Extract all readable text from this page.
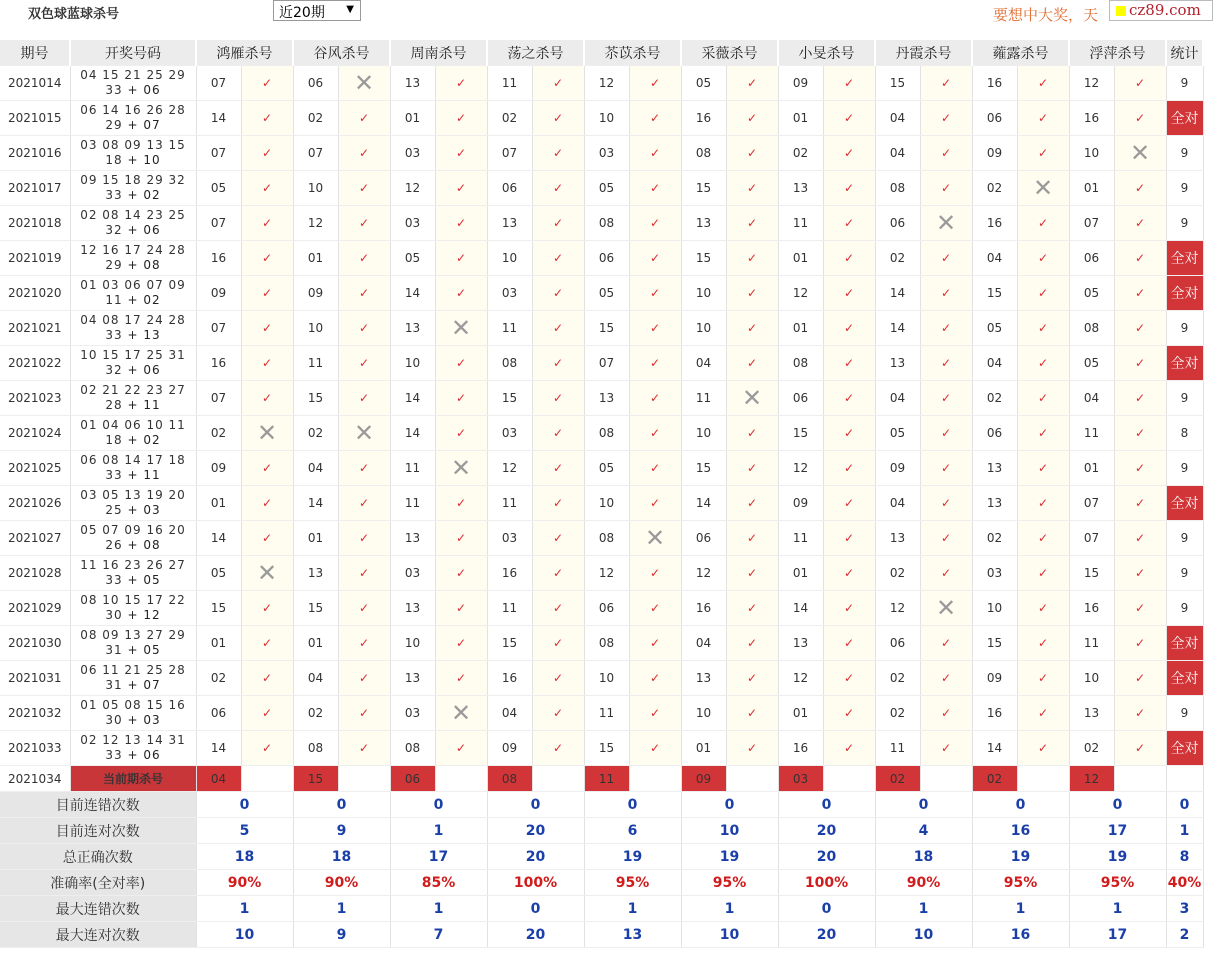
双色球蓝球杀号	近20期 ▼	要想中大奖，天 cz89.com
期号	开奖号码	鸿雁杀号		谷风杀号		周南杀号		荡之杀号		苶苡杀号		采薇杀号		小旻杀号		丹霞杀号		蕹露杀号		浮萍杀号		统计
2021014	04 15 21 25 29
33 + 06	07	✓	06	✕	13	✓	11	✓	12	✓	05	✓	09	✓	15	✓	16	✓	12	✓	9
2021015	06 14 16 26 28
29 + 07	14	✓	02	✓	01	✓	02	✓	10	✓	16	✓	01	✓	04	✓	06	✓	16	✓	全对
2021016	03 08 09 13 15
18 + 10	07	✓	07	✓	03	✓	07	✓	03	✓	08	✓	02	✓	04	✓	09	✓	10	✕	9
2021017	09 15 18 29 32
33 + 02	05	✓	10	✓	12	✓	06	✓	05	✓	15	✓	13	✓	08	✓	02	✕	01	✓	9
2021018	02 08 14 23 25
32 + 06	07	✓	12	✓	03	✓	13	✓	08	✓	13	✓	11	✓	06	✕	16	✓	07	✓	9
2021019	12 16 17 24 28
29 + 08	16	✓	01	✓	05	✓	10	✓	06	✓	15	✓	01	✓	02	✓	04	✓	06	✓	全对
2021020	01 03 06 07 09
11 + 02	09	✓	09	✓	14	✓	03	✓	05	✓	10	✓	12	✓	14	✓	15	✓	05	✓	全对
2021021	04 08 17 24 28
33 + 13	07	✓	10	✓	13	✕	11	✓	15	✓	10	✓	01	✓	14	✓	05	✓	08	✓	9
2021022	10 15 17 25 31
32 + 06	16	✓	11	✓	10	✓	08	✓	07	✓	04	✓	08	✓	13	✓	04	✓	05	✓	全对
2021023	02 21 22 23 27
28 + 11	07	✓	15	✓	14	✓	15	✓	13	✓	11	✕	06	✓	04	✓	02	✓	04	✓	9
2021024	01 04 06 10 11
18 + 02	02	✕	02	✕	14	✓	03	✓	08	✓	10	✓	15	✓	05	✓	06	✓	11	✓	8
2021025	06 08 14 17 18
33 + 11	09	✓	04	✓	11	✕	12	✓	05	✓	15	✓	12	✓	09	✓	13	✓	01	✓	9
2021026	03 05 13 19 20
25 + 03	01	✓	14	✓	11	✓	11	✓	10	✓	14	✓	09	✓	04	✓	13	✓	07	✓	全对
2021027	05 07 09 16 20
26 + 08	14	✓	01	✓	13	✓	03	✓	08	✕	06	✓	11	✓	13	✓	02	✓	07	✓	9
2021028	11 16 23 26 27
33 + 05	05	✕	13	✓	03	✓	16	✓	12	✓	12	✓	01	✓	02	✓	03	✓	15	✓	9
2021029	08 10 15 17 22
30 + 12	15	✓	15	✓	13	✓	11	✓	06	✓	16	✓	14	✓	12	✕	10	✓	16	✓	9
2021030	08 09 13 27 29
31 + 05	01	✓	01	✓	10	✓	15	✓	08	✓	04	✓	13	✓	06	✓	15	✓	11	✓	全对
2021031	06 11 21 25 28
31 + 07	02	✓	04	✓	13	✓	16	✓	10	✓	13	✓	12	✓	02	✓	09	✓	10	✓	全对
2021032	01 05 08 15 16
30 + 03	06	✓	02	✓	03	✕	04	✓	11	✓	10	✓	01	✓	02	✓	16	✓	13	✓	9
2021033	02 12 13 14 31
33 + 06	14	✓	08	✓	08	✓	09	✓	15	✓	01	✓	16	✓	11	✓	14	✓	02	✓	全对
2021034	当前期杀号	04		15		06		08		11		09		03		02		02		12		
目前连错次数		0		0		0		0		0		0		0		0		0		0		0
目前连对次数		5		9		1		20		6		10		20		4		16		17		1
总正确次数		18		18		17		20		19		19		20		18		19		19		8
准确率(全对率)		90%		90%		85%		100%		95%		95%		100%		90%		95%		95%		40%
最大连错次数		1		1		1		0		1		1		0		1		1		1		3
最大连对次数		10		9		7		20		13		10		20		10		16		17		2
